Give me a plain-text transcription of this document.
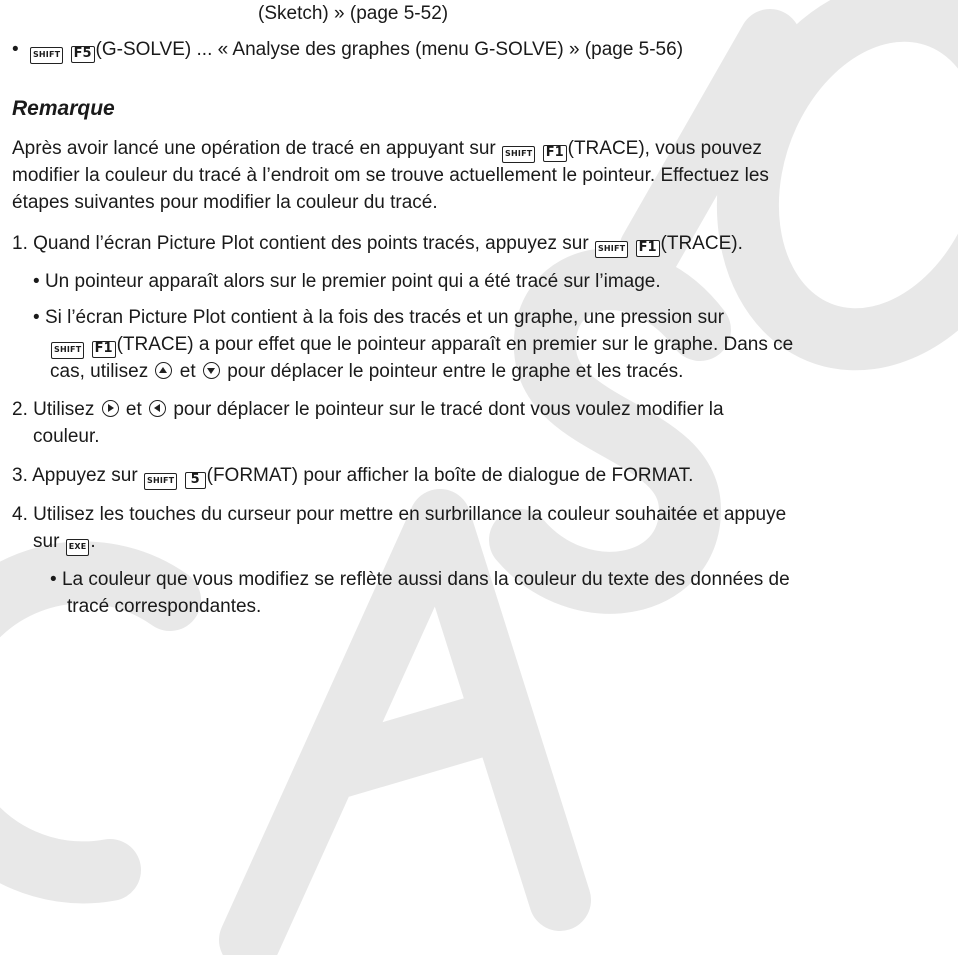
(Sketch) » (page 5-52)
• SHIFT F5 (G-SOLVE) ... « Analyse des graphes (menu G-SOLVE) » (page 5-56)
Remarque
Après avoir lancé une opération de tracé en appuyant sur SHIFT F1 (TRACE), vous pouvez
modifier la couleur du tracé à l’endroit om se trouve actuellement le pointeur. Effectuez les
étapes suivantes pour modifier la couleur du tracé.
1. Quand l’écran Picture Plot contient des points tracés, appuyez sur SHIFT F1 (TRACE).
• Un pointeur apparaît alors sur le premier point qui a été tracé sur l’image.
• Si l’écran Picture Plot contient à la fois des tracés et un graphe, une pression sur
SHIFT F1 (TRACE) a pour effet que le pointeur apparaît en premier sur le graphe. Dans ce
cas, utilisez et pour déplacer le pointeur entre le graphe et les tracés.
2. Utilisez et pour déplacer le pointeur sur le tracé dont vous voulez modifier la
couleur.
3. Appuyez sur SHIFT 5 (FORMAT) pour afficher la boîte de dialogue de FORMAT.
4. Utilisez les touches du curseur pour mettre en surbrillance la couleur souhaitée et appuye
sur EXE .
• La couleur que vous modifiez se reflète aussi dans la couleur du texte des données de
tracé correspondantes.
